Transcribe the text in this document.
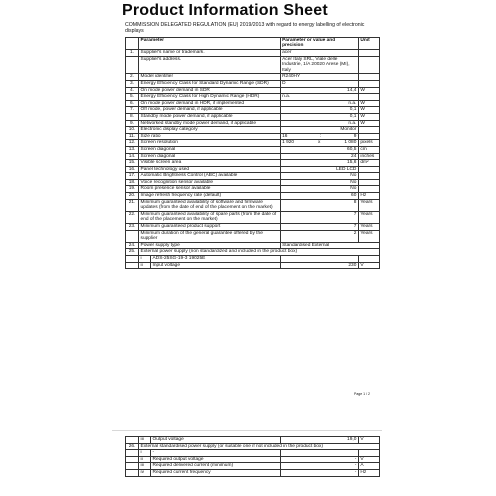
Product Information Sheet
COMMISSION DELEGATED REGULATION (EU) 2019/2013 with regard to energy labelling of electronic displays
	Parameter	Parameter or value and precision	Unit
1.	Supplier's name or trademark.	acer	
	Supplier's address.	Acer Italy SRL, Viale delle Industrie, 1/A 20020 Arese (MI), Italy	
2.	Model identifier	R240HY	
3.	Energy Efficiency Class for Standard Dynamic Range (SDR)	D	
4.	On mode power demand in SDR	14,4	W
5.	Energy Efficiency Class for High Dynamic Range (HDR)	n.a.	
6.	On mode power demand in HDR, if implemented	n.a.	W
7.	Off mode, power demand, if applicable	0,1	W
8.	Standby mode power demand, if applicable	0,1	W
9.	Networked standby mode power demand, if applicable	n.a.	W
10.	Electronic display category	Monitor	
11.	Size ratio	16 : 9	

12.	Screen resolution	1 920 x 1 080	pixels
13.	Screen diagonal	60,5	cm
14.	Screen diagonal	24	inches
15.	Visible screen area	15,6	dm²
16.	Panel technology used	LED LCD	
17.	Automatic Brightness Control (ABC) available	No	
18.	Voice recognition sensor available	No	
19.	Room presence sensor available	No	
20.	Image refresh frequency rate (default)	60	Hz
21.	Minimum guaranteed availability of software and firmware updates (from the date of end of the placement on the market)	8	Years
22.	Minimum guaranteed availability of spare parts (from the date of end of the placement on the market)	7	Years
23.	Minimum guaranteed product support	7	Years
	Minimum duration of the general guarantee offered by the supplier	2	Years
24.	Power supply type	Standardised External	
25.	External power supply (non standardized and included in the product box)		
	i ADS-25SG-19-3 19025E		
	ii Input voltage	230	V
Page 1 / 2
	iii Output voltage	19,0	V
26.	External standardised power supply (or suitable one if not included in the product box)		
	i -		
	ii Required output voltage	-	V
	iii Required delivered current (minimum)	-	A
	iv Required current frequency	-	Hz
